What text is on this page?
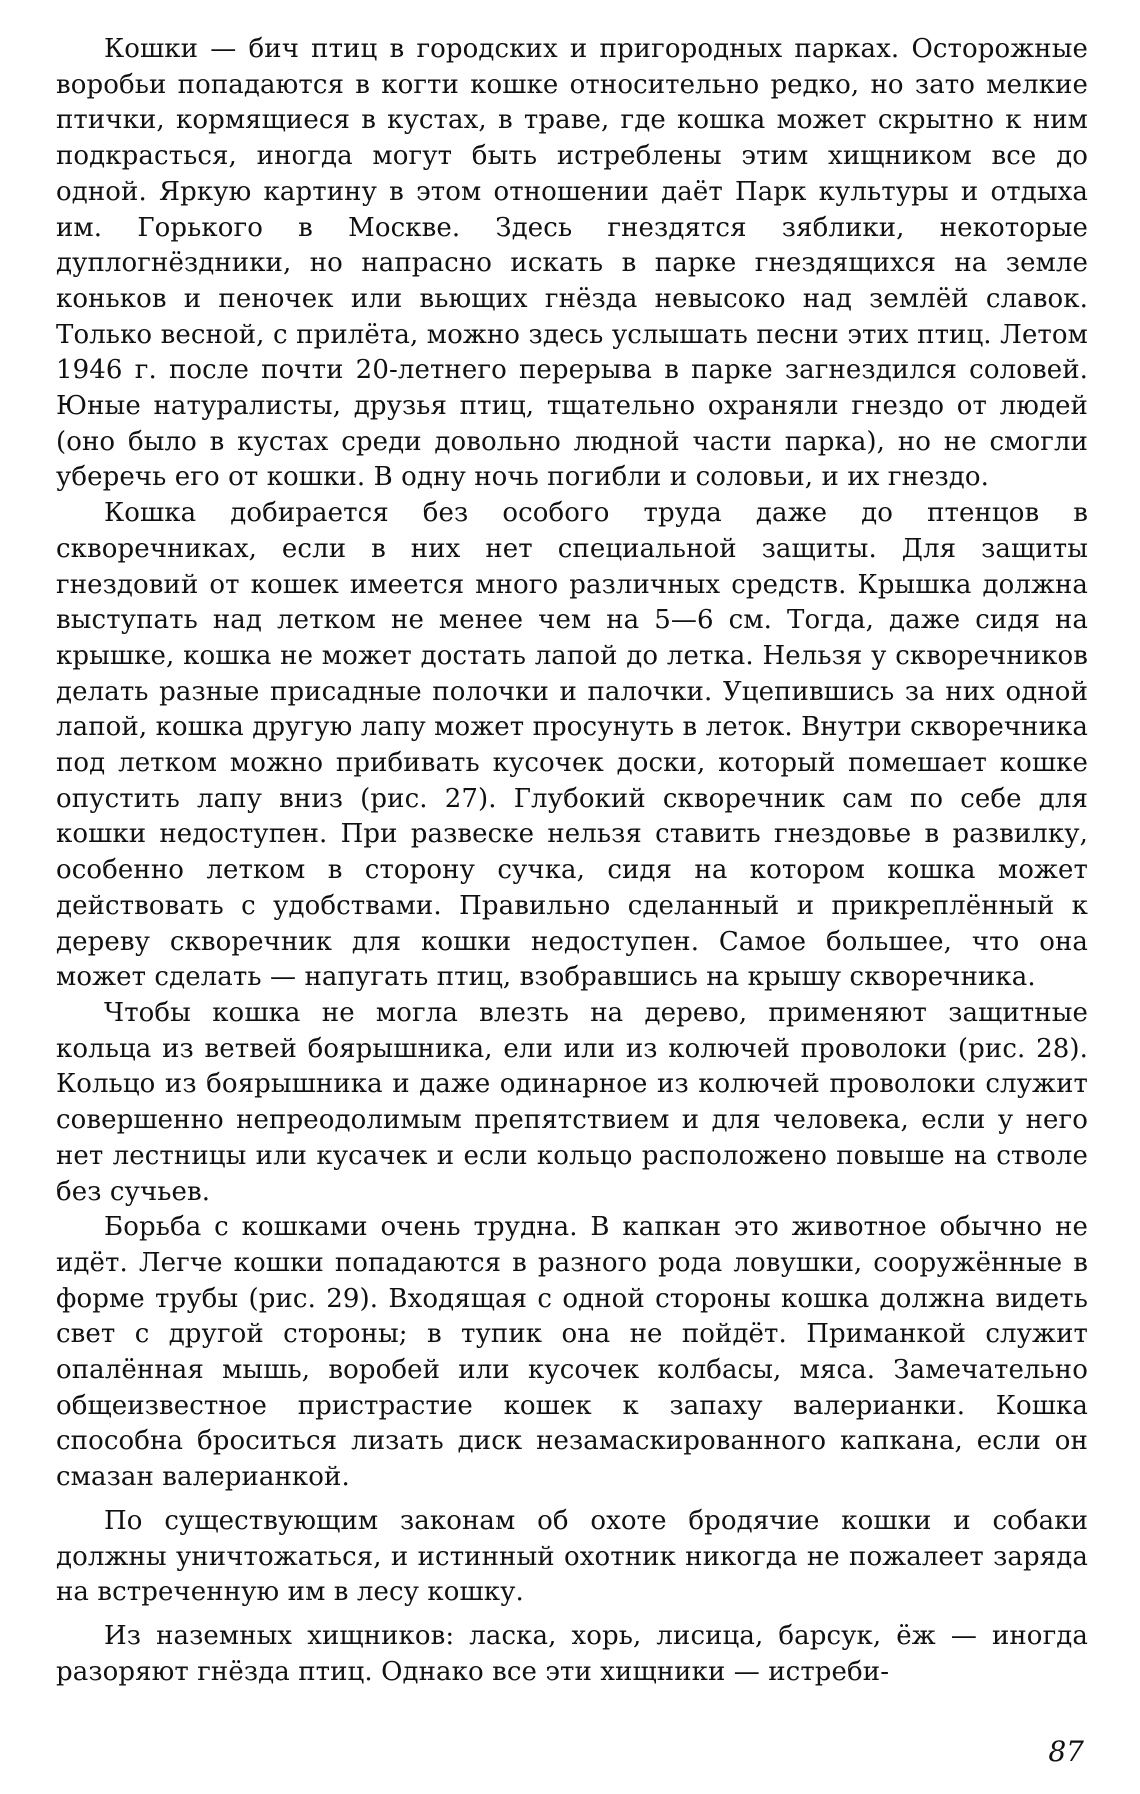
Кошки — бич птиц в городских и пригородных парках. Осторожные воробьи попадаются в когти кошке относительно редко, но зато мелкие птички, кормящиеся в кустах, в траве, где кошка может скрытно к ним подкрасться, иногда могут быть истреблены этим хищником все до одной. Яркую картину в этом отношении даёт Парк культуры и отдыха им. Горького в Москве. Здесь гнездятся зяблики, некоторые дуплогнёздники, но напрасно искать в парке гнездящихся на земле коньков и пеночек или вьющих гнёзда невысоко над землёй славок. Только весной, с прилёта, можно здесь услышать песни этих птиц. Летом 1946 г. после почти 20-летнего перерыва в парке загнездился соловей. Юные натуралисты, друзья птиц, тщательно охраняли гнездо от людей (оно было в кустах среди довольно людной части парка), но не смогли уберечь его от кошки. В одну ночь погибли и соловьи, и их гнездо.

Кошка добирается без особого труда даже до птенцов в скворечниках, если в них нет специальной защиты. Для защиты гнездовий от кошек имеется много различных средств. Крышка должна выступать над летком не менее чем на 5—6 см. Тогда, даже сидя на крышке, кошка не может достать лапой до летка. Нельзя у скворечников делать разные присадные полочки и палочки. Уцепившись за них одной лапой, кошка другую лапу может просунуть в леток. Внутри скворечника под летком можно прибивать кусочек доски, который помешает кошке опустить лапу вниз (рис. 27). Глубокий скворечник сам по себе для кошки недоступен. При развеске нельзя ставить гнездовье в развилку, особенно летком в сторону сучка, сидя на котором кошка может действовать с удобствами. Правильно сделанный и прикреплённый к дереву скворечник для кошки недоступен. Самое большее, что она может сделать — напугать птиц, взобравшись на крышу скворечника.

Чтобы кошка не могла влезть на дерево, применяют защитные кольца из ветвей боярышника, ели или из колючей проволоки (рис. 28). Кольцо из боярышника и даже одинарное из колючей проволоки служит совершенно непреодолимым препятствием и для человека, если у него нет лестницы или кусачек и если кольцо расположено повыше на стволе без сучьев.

Борьба с кошками очень трудна. В капкан это животное обычно не идёт. Легче кошки попадаются в разного рода ловушки, сооружённые в форме трубы (рис. 29). Входящая с одной стороны кошка должна видеть свет с другой стороны; в тупик она не пойдёт. Приманкой служит опалённая мышь, воробей или кусочек колбасы, мяса. Замечательно общеизвестное пристрастие кошек к запаху валерианки. Кошка способна броситься лизать диск незамаскированного капкана, если он смазан валерианкой.

По существующим законам об охоте бродячие кошки и собаки должны уничтожаться, и истинный охотник никогда не пожалеет заряда на встреченную им в лесу кошку.

Из наземных хищников: ласка, хорь, лисица, барсук, ёж — иногда разоряют гнёзда птиц. Однако все эти хищники — истреби-

87
